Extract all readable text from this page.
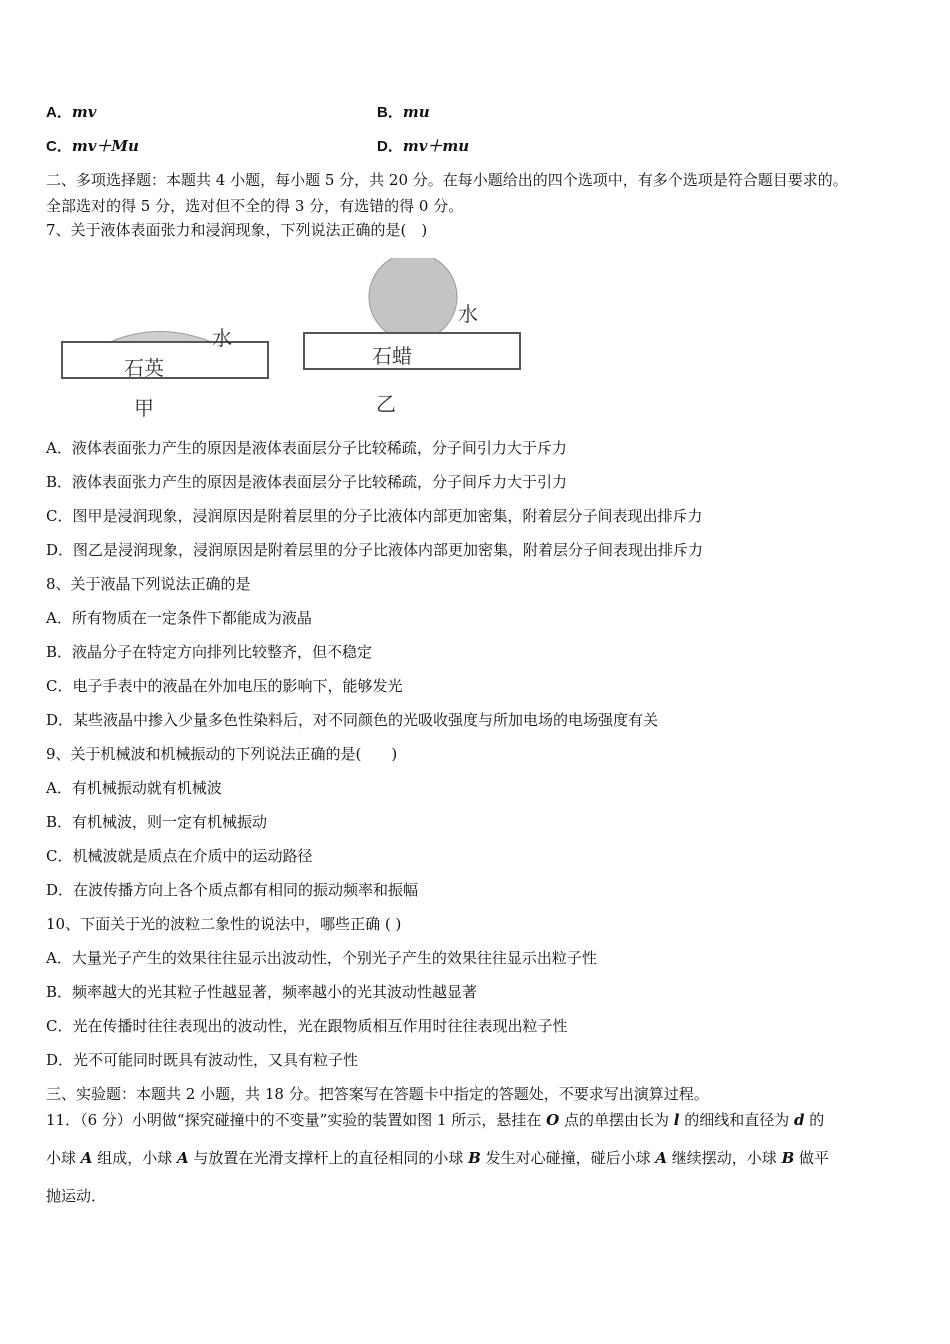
A．mv	B．mu
C．mv＋Mu	D．mv＋mu
二、多项选择题：本题共 4 小题，每小题 5 分，共 20 分。在每小题给出的四个选项中，有多个选项是符合题目要求的。
全部选对的得 5 分，选对但不全的得 3 分，有选错的得 0 分。
7、关于液体表面张力和浸润现象，下列说法正确的是(　)
水
石英
甲
水
石蜡
乙
A．液体表面张力产生的原因是液体表面层分子比较稀疏，分子间引力大于斥力
B．液体表面张力产生的原因是液体表面层分子比较稀疏，分子间斥力大于引力
C．图甲是浸润现象，浸润原因是附着层里的分子比液体内部更加密集，附着层分子间表现出排斥力
D．图乙是浸润现象，浸润原因是附着层里的分子比液体内部更加密集，附着层分子间表现出排斥力
8、关于液晶下列说法正确的是
A．所有物质在一定条件下都能成为液晶
B．液晶分子在特定方向排列比较整齐，但不稳定
C．电子手表中的液晶在外加电压的影响下，能够发光
D．某些液晶中掺入少量多色性染料后，对不同颜色的光吸收强度与所加电场的电场强度有关
9、关于机械波和机械振动的下列说法正确的是(　　)
A．有机械振动就有机械波
B．有机械波，则一定有机械振动
C．机械波就是质点在介质中的运动路径
D．在波传播方向上各个质点都有相同的振动频率和振幅
10、下面关于光的波粒二象性的说法中，哪些正确 ( )
A．大量光子产生的效果往往显示出波动性，个别光子产生的效果往往显示出粒子性
B．频率越大的光其粒子性越显著，频率越小的光其波动性越显著
C．光在传播时往往表现出的波动性，光在跟物质相互作用时往往表现出粒子性
D．光不可能同时既具有波动性，又具有粒子性
三、实验题：本题共 2 小题，共 18 分。把答案写在答题卡中指定的答题处，不要求写出演算过程。
11．（6 分）小明做“探究碰撞中的不变量”实验的装置如图 1 所示，悬挂在 O 点的单摆由长为 l 的细线和直径为 d 的
小球 A 组成，小球 A 与放置在光滑支撑杆上的直径相同的小球 B 发生对心碰撞，碰后小球 A 继续摆动，小球 B 做平
抛运动．
